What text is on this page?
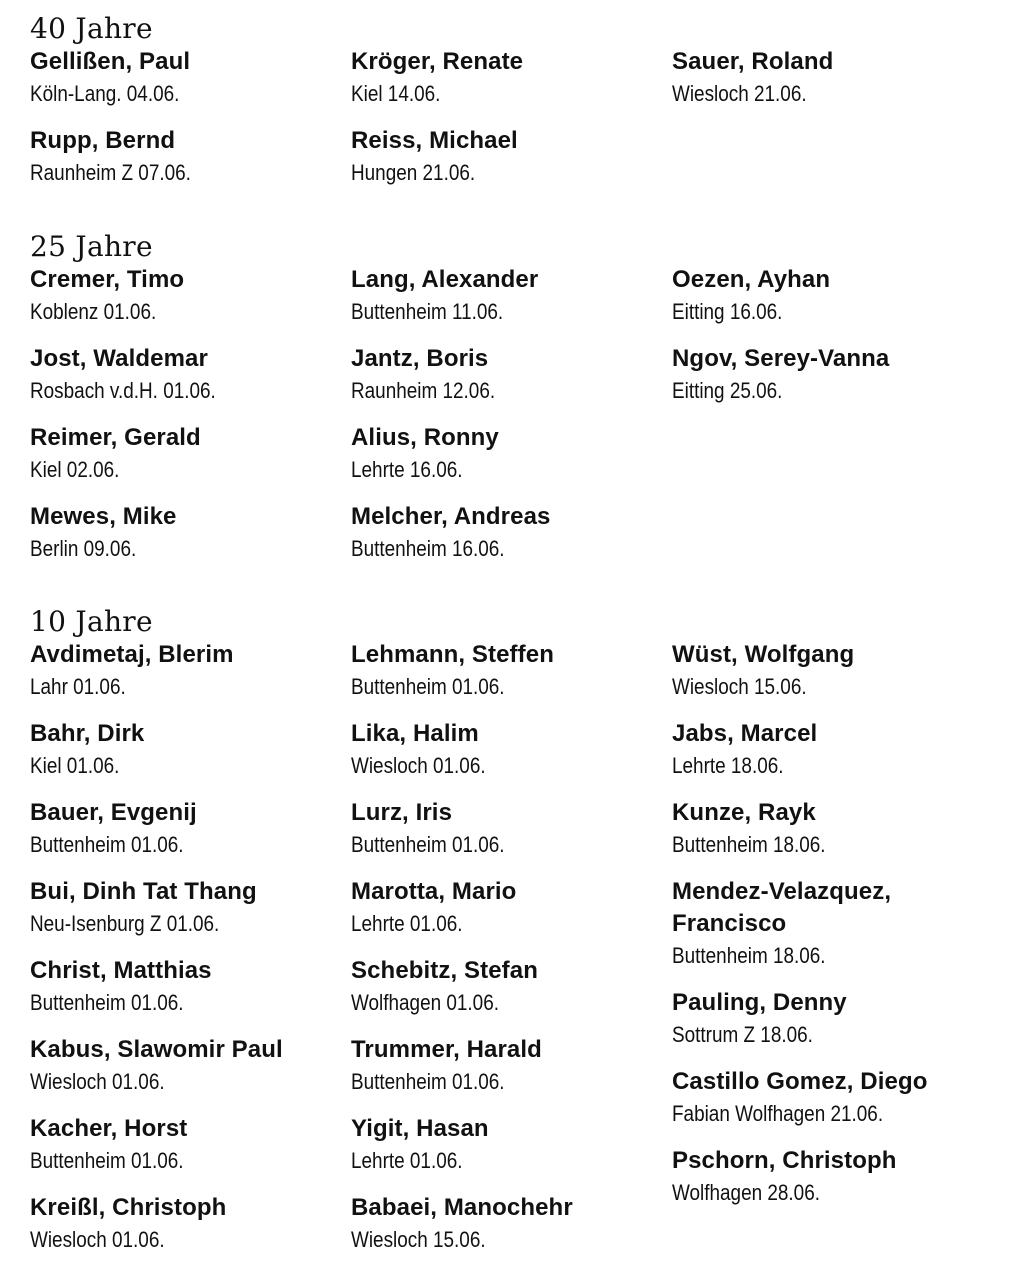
40 Jahre
Gellißen, Paul
Köln-Lang. 04.06.
Rupp, Bernd
Raunheim Z 07.06.
Kröger, Renate
Kiel 14.06.
Reiss, Michael
Hungen 21.06.
Sauer, Roland
Wiesloch 21.06.
25 Jahre
Cremer, Timo
Koblenz 01.06.
Jost, Waldemar
Rosbach v.d.H. 01.06.
Reimer, Gerald
Kiel 02.06.
Mewes, Mike
Berlin 09.06.
Lang, Alexander
Buttenheim 11.06.
Jantz, Boris
Raunheim 12.06.
Alius, Ronny
Lehrte 16.06.
Melcher, Andreas
Buttenheim 16.06.
Oezen, Ayhan
Eitting 16.06.
Ngov, Serey-Vanna
Eitting 25.06.
10 Jahre
Avdimetaj, Blerim
Lahr 01.06.
Bahr, Dirk
Kiel 01.06.
Bauer, Evgenij
Buttenheim 01.06.
Bui, Dinh Tat Thang
Neu-Isenburg Z 01.06.
Christ, Matthias
Buttenheim 01.06.
Kabus, Slawomir Paul
Wiesloch 01.06.
Kacher, Horst
Buttenheim 01.06.
Kreißl, Christoph
Wiesloch 01.06.
Lehmann, Steffen
Buttenheim 01.06.
Lika, Halim
Wiesloch 01.06.
Lurz, Iris
Buttenheim 01.06.
Marotta, Mario
Lehrte 01.06.
Schebitz, Stefan
Wolfhagen 01.06.
Trummer, Harald
Buttenheim 01.06.
Yigit, Hasan
Lehrte 01.06.
Babaei, Manochehr
Wiesloch 15.06.
Wüst, Wolfgang
Wiesloch 15.06.
Jabs, Marcel
Lehrte 18.06.
Kunze, Rayk
Buttenheim 18.06.
Mendez-Velazquez, Francisco
Buttenheim 18.06.
Pauling, Denny
Sottrum Z 18.06.
Castillo Gomez, Diego
Fabian Wolfhagen 21.06.
Pschorn, Christoph
Wolfhagen 28.06.
